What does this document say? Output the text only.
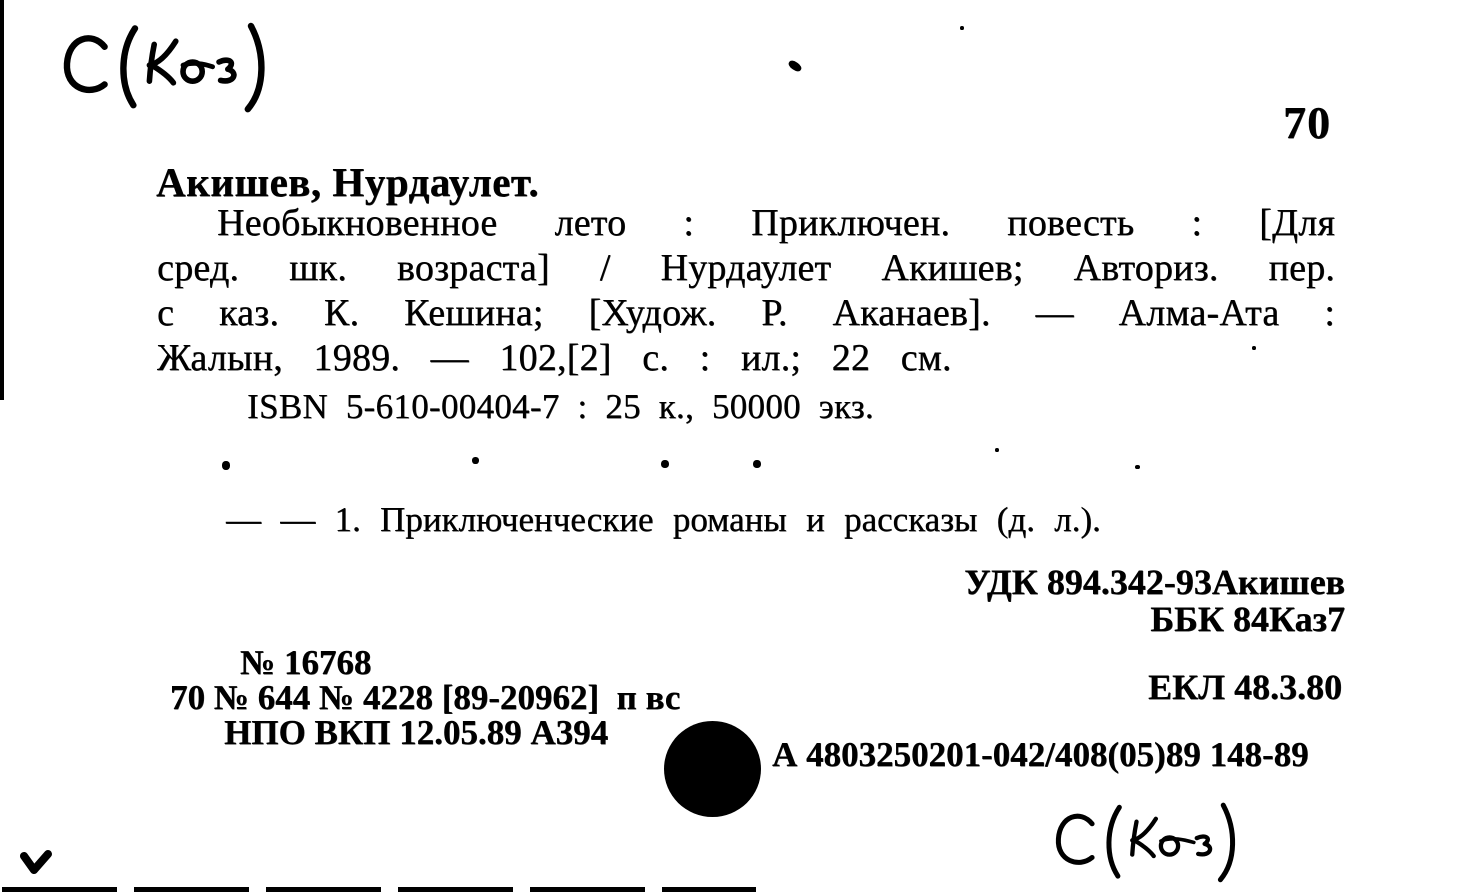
70
Акишев, Нурдаулет.
Необыкновенное лето : Приключен. повесть : [Для
сред. шк. возраста] / Нурдаулет Акишев; Авториз. пер.
с каз. К. Кешина; [Худож. Р. Аканаев]. — Алма-Ата :
Жалын, 1989. — 102,[2] с. : ил.; 22 см.
ISBN 5-610-00404-7 : 25 к., 50000 экз.
— — 1. Приключенческие романы и рассказы (д. л.).
УДК 894.342-93Акишев
ББК 84Каз7
ЕКЛ 48.3.80
№ 16768
70 № 644 № 4228 [89-20962]  п вс
НПО ВКП 12.05.89 А394
А 4803250201-042/408(05)89 148-89
